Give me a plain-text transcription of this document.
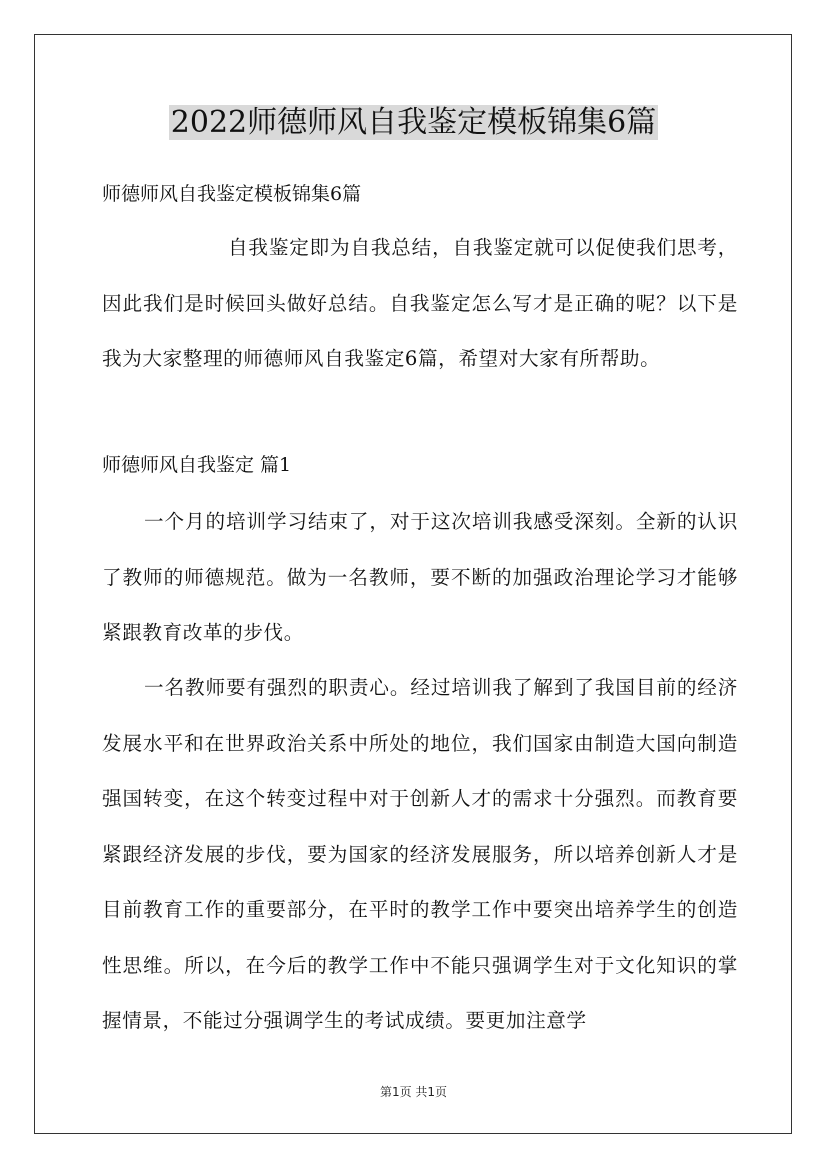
2022师德师风自我鉴定模板锦集6篇
师德师风自我鉴定模板锦集6篇
自我鉴定即为自我总结，自我鉴定就可以促使我们思考，因此我们是时候回头做好总结。自我鉴定怎么写才是正确的呢？以下是我为大家整理的师德师风自我鉴定6篇，希望对大家有所帮助。
师德师风自我鉴定 篇1
一个月的培训学习结束了，对于这次培训我感受深刻。全新的认识了教师的师德规范。做为一名教师，要不断的加强政治理论学习才能够紧跟教育改革的步伐。
一名教师要有强烈的职责心。经过培训我了解到了我国目前的经济发展水平和在世界政治关系中所处的地位，我们国家由制造大国向制造强国转变，在这个转变过程中对于创新人才的需求十分强烈。而教育要紧跟经济发展的步伐，要为国家的经济发展服务，所以培养创新人才是目前教育工作的重要部分，在平时的教学工作中要突出培养学生的创造性思维。所以，在今后的教学工作中不能只强调学生对于文化知识的掌握情景，不能过分强调学生的考试成绩。要更加注意学
第1页 共1页
